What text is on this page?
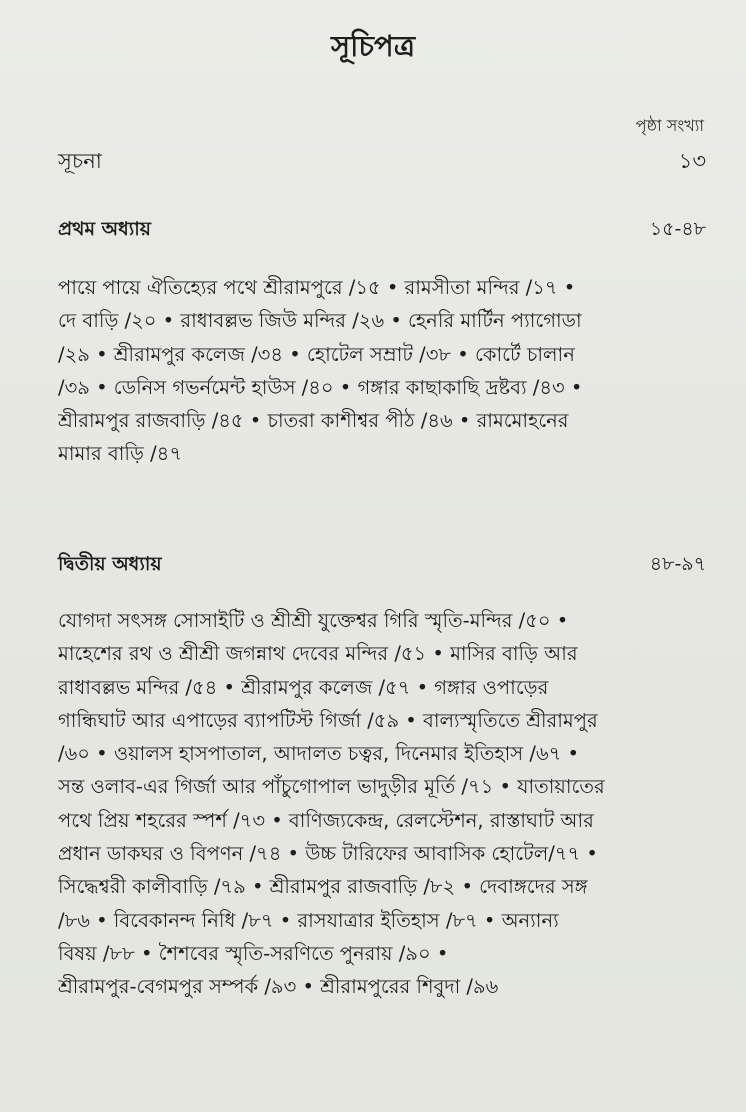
সূচিপত্র
পৃষ্ঠা সংখ্যা
সূচনা	১৩
প্রথম অধ্যায়	১৫-৪৮
পায়ে পায়ে ঐতিহ্যের পথে শ্রীরামপুরে /১৫ • রামসীতা মন্দির /১৭ •
দে বাড়ি /২০ • রাধাবল্লভ জিউ মন্দির /২৬ • হেনরি মার্টিন প্যাগোডা
/২৯ • শ্রীরামপুর কলেজ /৩৪ • হোটেল সম্রাট /৩৮ • কোর্টে চালান
/৩৯ • ডেনিস গভর্নমেন্ট হাউস /৪০ • গঙ্গার কাছাকাছি দ্রষ্টব্য /৪৩ •
শ্রীরামপুর রাজবাড়ি /৪৫ • চাতরা কাশীশ্বর পীঠ /৪৬ • রামমোহনের
মামার বাড়ি /৪৭
দ্বিতীয় অধ্যায়	৪৮-৯৭
যোগদা সৎসঙ্গ সোসাইটি ও শ্রীশ্রী যুক্তেশ্বর গিরি স্মৃতি-মন্দির /৫০ •
মাহেশের রথ ও শ্রীশ্রী জগন্নাথ দেবের মন্দির /৫১ • মাসির বাড়ি আর
রাধাবল্লভ মন্দির /৫৪ • শ্রীরামপুর কলেজ /৫৭ • গঙ্গার ওপাড়ের
গান্ধিঘাট আর এপাড়ের ব্যাপটিস্ট গির্জা /৫৯ • বাল্যস্মৃতিতে শ্রীরামপুর
/৬০ • ওয়ালস হাসপাতাল, আদালত চত্বর, দিনেমার ইতিহাস /৬৭ •
সন্ত ওলাব-এর গির্জা আর পাঁচুগোপাল ভাদুড়ীর মূর্তি /৭১ • যাতায়াতের
পথে প্রিয় শহরের স্পর্শ /৭৩ • বাণিজ্যকেন্দ্র, রেলস্টেশন, রাস্তাঘাট আর
প্রধান ডাকঘর ও বিপণন /৭৪ • উচ্চ টারিফের আবাসিক হোটেল/৭৭ •
সিদ্ধেশ্বরী কালীবাড়ি /৭৯ • শ্রীরামপুর রাজবাড়ি /৮২ • দেবাঙ্গদের সঙ্গ
/৮৬ • বিবেকানন্দ নিধি /৮৭ • রাসযাত্রার ইতিহাস /৮৭ • অন্যান্য
বিষয় /৮৮ • শৈশবের স্মৃতি-সরণিতে পুনরায় /৯০ •
শ্রীরামপুর-বেগমপুর সম্পর্ক /৯৩ • শ্রীরামপুরের শিবুদা /৯৬
